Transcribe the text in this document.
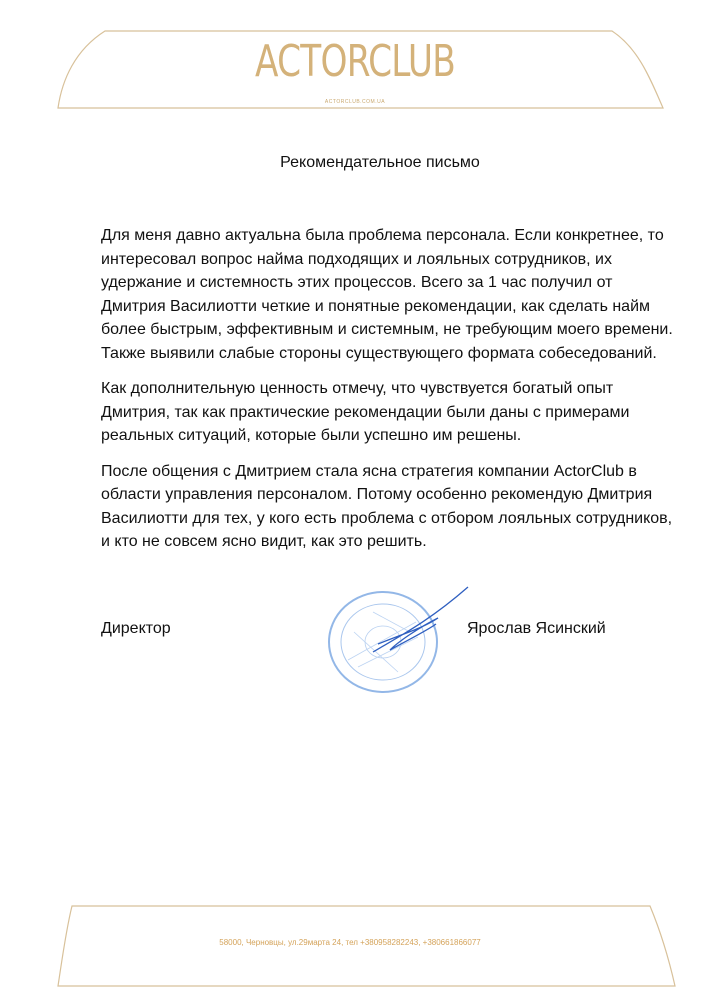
ACTORCLUB
ACTORCLUB.COM.UA
Рекомендательное письмо

Для меня давно актуальна была проблема персонала. Если конкретнее, то интересовал вопрос найма подходящих и лояльных сотрудников, их удержание и системность этих процессов. Всего за 1 час получил от Дмитрия Василиотти четкие и понятные рекомендации, как сделать найм более быстрым, эффективным и системным, не требующим моего времени. Также выявили слабые стороны существующего формата собеседований.

Как дополнительную ценность отмечу, что чувствуется богатый опыт Дмитрия, так как практические рекомендации были даны с примерами реальных ситуаций, которые были успешно им решены.

После общения с Дмитрием стала ясна стратегия компании ActorClub в области управления персоналом. Потому особенно рекомендую Дмитрия Василиотти для тех, у кого есть проблема с отбором лояльных сотрудников, и кто не совсем ясно видит, как это решить.

Директор	Ярослав Ясинский
58000, Черновцы, ул.29марта 24, тел +380958282243, +380661866077
